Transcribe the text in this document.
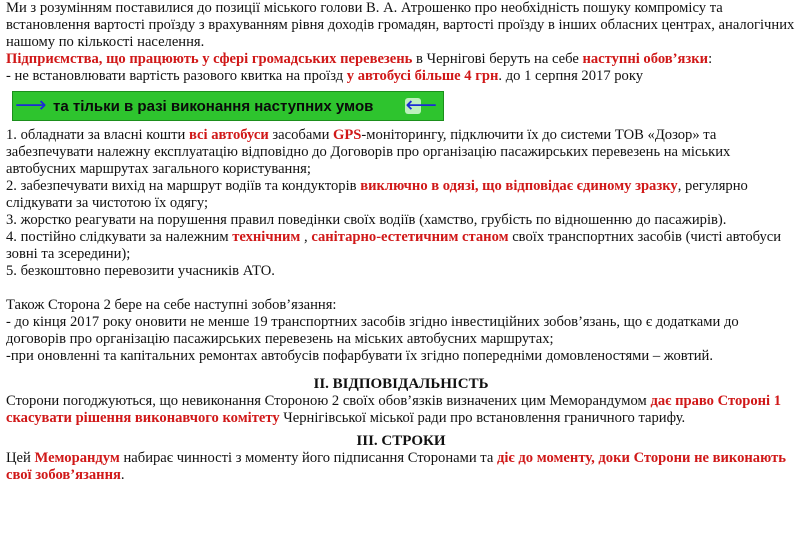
Ми з розумінням поставилися до позиції міського голови В. А. Атрошенко про необхідність пошуку компромісу та встановлення вартості проїзду з врахуванням рівня доходів громадян, вартості проїзду в інших обласних центрах, аналогічних нашому по кількості населення.

Підприємства, що працюють у сфері громадських перевезень в Чернігові беруть на себе наступні обов’язки:

- не встановлювати вартість разового квитка на проїзд у автобусі більше 4 грн. до 1 серпня 2017 року

⟶ та тільки в разі виконання наступних умов ⟵

1. обладнати за власні кошти всі автобуси засобами GPS-моніторингу, підключити їх до системи ТОВ «Дозор» та забезпечувати належну експлуатацію відповідно до Договорів про організацію пасажирських перевезень на міських автобусних маршрутах загального користування;

2. забезпечувати вихід на маршрут водіїв та кондукторів виключно в одязі, що відповідає єдиному зразку, регулярно слідкувати за чистотою їх одягу;

3. жорстко реагувати на порушення правил поведінки своїх водіїв (хамство, грубість по відношенню до пасажирів).

4. постійно слідкувати за належним технічним , санітарно-естетичним станом своїх транспортних засобів (чисті автобуси зовні та зсередини);

5. безкоштовно перевозити учасників АТО.

Також Сторона 2 бере на себе наступні зобов’язання:

- до кінця 2017 року оновити не менше 19 транспортних засобів згідно інвестиційних зобов’язань, що є додатками до договорів про організацію пасажирських перевезень на міських автобусних маршрутах;

-при оновленні та капітальних ремонтах автобусів пофарбувати їх згідно попередніми домовленостями – жовтий.

ІІ. ВІДПОВІДАЛЬНІСТЬ

Сторони погоджуються, що невиконання Стороною 2 своїх обов’язків визначених цим Меморандумом дає право Стороні 1 скасувати рішення виконавчого комітету Чернігівської міської ради про встановлення граничного тарифу.

ІІІ. СТРОКИ

Цей Меморандум набирає чинності з моменту його підписання Сторонами та діє до моменту, доки Сторони не виконають свої зобов’язання.
